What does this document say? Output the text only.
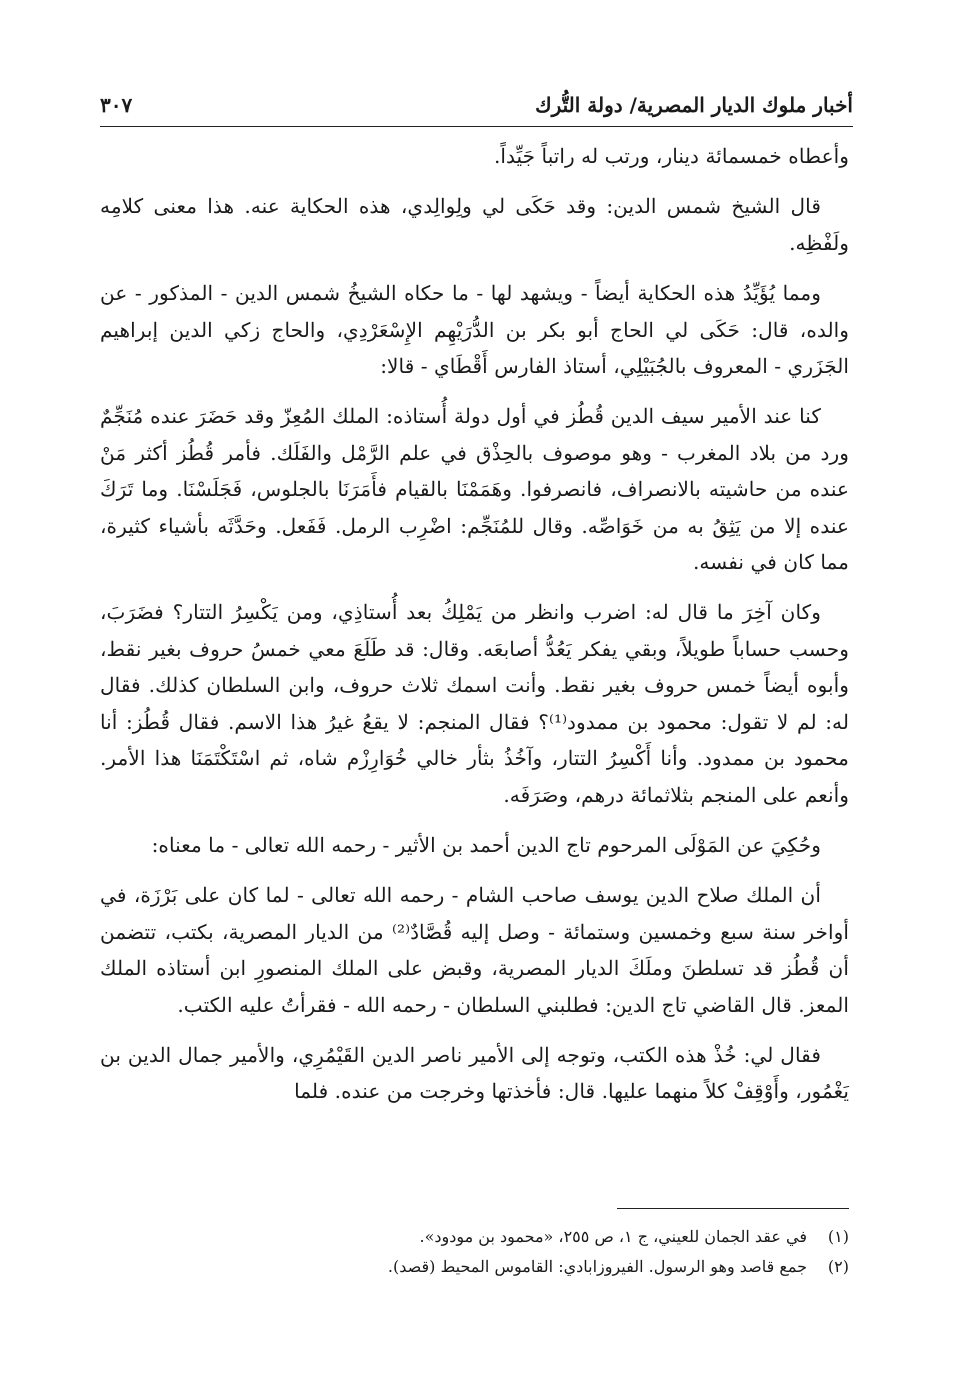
أخبار ملوك الديار المصرية/ دولة التُّرك
٣٠٧

وأعطاه خمسمائة دينار، ورتب له راتباً جَيِّداً.

قال الشيخ شمس الدين: وقد حَكَى لي ولِوالِدي، هذه الحكاية عنه. هذا معنى كلامِه ولَفْظِه.

ومما يُؤَيِّدُ هذه الحكاية أيضاً - ويشهد لها - ما حكاه الشيخُ شمس الدين - المذكور - عن والده، قال: حَكَى لي الحاج أبو بكر بن الدُّرَيْهِم الإِسْعَرْدِي، والحاج زكي الدين إبراهيم الجَزَري - المعروف بالجُبَيْلِي، أستاذ الفارس أَقْطَاي - قالا:

كنا عند الأمير سيف الدين قُطُز في أول دولة أُستاذه: الملك المُعِزّ وقد حَضَرَ عنده مُنَجِّمٌ ورد من بلاد المغرب - وهو موصوف بالحِذْق في علم الرَّمْل والفَلَك. فأمر قُطُز أكثر مَنْ عنده من حاشيته بالانصراف، فانصرفوا. وهَمَمْنَا بالقيام فأَمَرَنَا بالجلوس، فَجَلَسْنَا. وما تَرَكَ عنده إلا من يَثِقُ به من خَوَاصِّه. وقال للمُنَجِّم: اضْرِب الرمل. فَفَعل. وحَدَّثَه بأشياء كثيرة، مما كان في نفسه.

وكان آخِرَ ما قال له: اضرب وانظر من يَمْلِكُ بعد أُستاذِي، ومن يَكْسِرُ التتار؟ فضَرَبَ، وحسب حساباً طويلاً، وبقي يفكر يَعُدُّ أصابعَه. وقال: قد طَلَعَ معي خمسُ حروف بغير نقط، وأبوه أيضاً خمس حروف بغير نقط. وأنت اسمك ثلاث حروف، وابن السلطان كذلك. فقال له: لم لا تقول: محمود بن ممدود⁽¹⁾؟ فقال المنجم: لا يقعُ غيرُ هذا الاسم. فقال قُطُز: أنا محمود بن ممدود. وأنا أَكْسِرُ التتار، وآخُذُ بثأر خالي خُوَارِزْم شاه، ثم اسْتَكْتَمَنَا هذا الأمر. وأنعم على المنجم بثلاثمائة درهم، وصَرَفَه.

وحُكِيَ عن المَوْلَى المرحوم تاج الدين أحمد بن الأثير - رحمه الله تعالى - ما معناه:

أن الملك صلاح الدين يوسف صاحب الشام - رحمه الله تعالى - لما كان على بَرْزَة، في أواخر سنة سبع وخمسين وستمائة - وصل إليه قُصَّادٌ⁽²⁾ من الديار المصرية، بكتب، تتضمن أن قُطُز قد تسلطنَ وملَكَ الديار المصرية، وقبض على الملك المنصورِ ابن أستاذه الملك المعز. قال القاضي تاج الدين: فطلبني السلطان - رحمه الله - فقرأتُ عليه الكتب.

فقال لي: خُذْ هذه الكتب، وتوجه إلى الأمير ناصر الدين القَيْمُرِي، والأمير جمال الدين بن يَغْمُور، وأَوْقِفْ كلاً منهما عليها. قال: فأخذتها وخرجت من عنده. فلما

(١)
في عقد الجمان للعيني، ج ١، ص ٢٥٥، «محمود بن مودود».
(٢)
جمع قاصد وهو الرسول. الفيروزابادي: القاموس المحيط (قصد).
